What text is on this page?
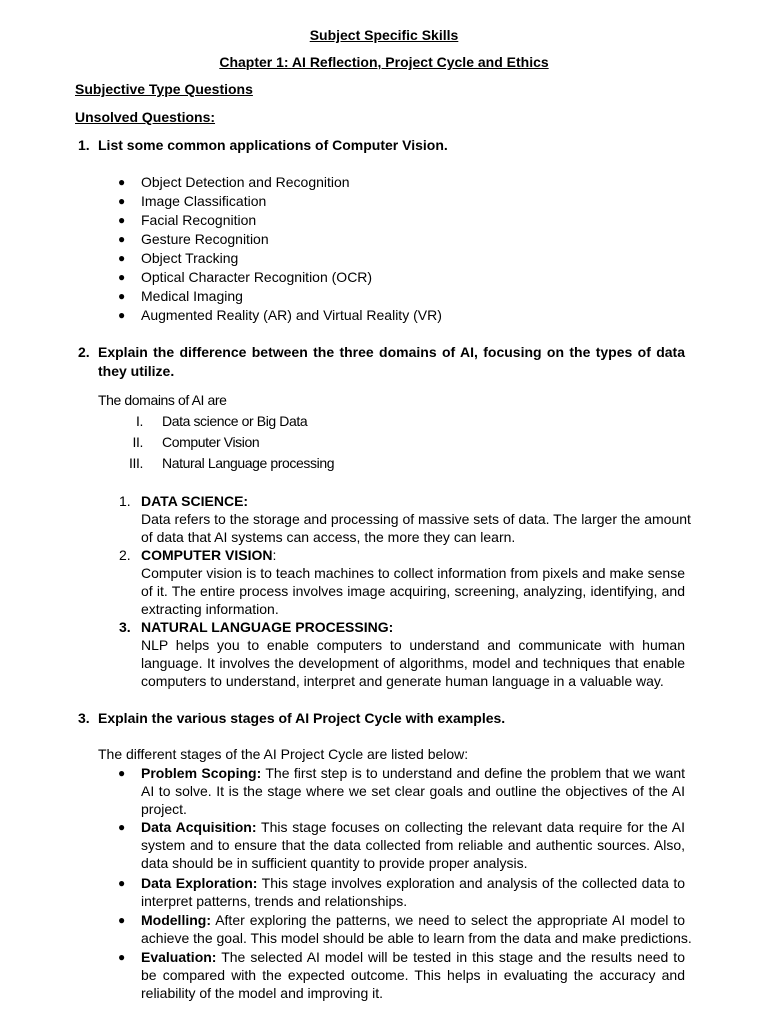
Subject Specific Skills
Chapter 1: AI Reflection, Project Cycle and Ethics
Subjective Type Questions
Unsolved Questions:
1. List some common applications of Computer Vision.
● Object Detection and Recognition
● Image Classification
● Facial Recognition
● Gesture Recognition
● Object Tracking
● Optical Character Recognition (OCR)
● Medical Imaging
● Augmented Reality (AR) and Virtual Reality (VR)
2. Explain the difference between the three domains of AI, focusing on the types of data
they utilize.
The domains of AI are
I. Data science or Big Data
II. Computer Vision
III. Natural Language processing
1. DATA SCIENCE:
Data refers to the storage and processing of massive sets of data. The larger the amount
of data that AI systems can access, the more they can learn.
2. COMPUTER VISION:
Computer vision is to teach machines to collect information from pixels and make sense
of it. The entire process involves image acquiring, screening, analyzing, identifying, and
extracting information.
3. NATURAL LANGUAGE PROCESSING:
NLP helps you to enable computers to understand and communicate with human
language. It involves the development of algorithms, model and techniques that enable
computers to understand, interpret and generate human language in a valuable way.
3. Explain the various stages of AI Project Cycle with examples.
The different stages of the AI Project Cycle are listed below:
● Problem Scoping: The first step is to understand and define the problem that we want
AI to solve. It is the stage where we set clear goals and outline the objectives of the AI
project.
● Data Acquisition: This stage focuses on collecting the relevant data require for the AI
system and to ensure that the data collected from reliable and authentic sources. Also,
data should be in sufficient quantity to provide proper analysis.
● Data Exploration: This stage involves exploration and analysis of the collected data to
interpret patterns, trends and relationships.
● Modelling: After exploring the patterns, we need to select the appropriate AI model to
achieve the goal. This model should be able to learn from the data and make predictions.
● Evaluation: The selected AI model will be tested in this stage and the results need to
be compared with the expected outcome. This helps in evaluating the accuracy and
reliability of the model and improving it.
